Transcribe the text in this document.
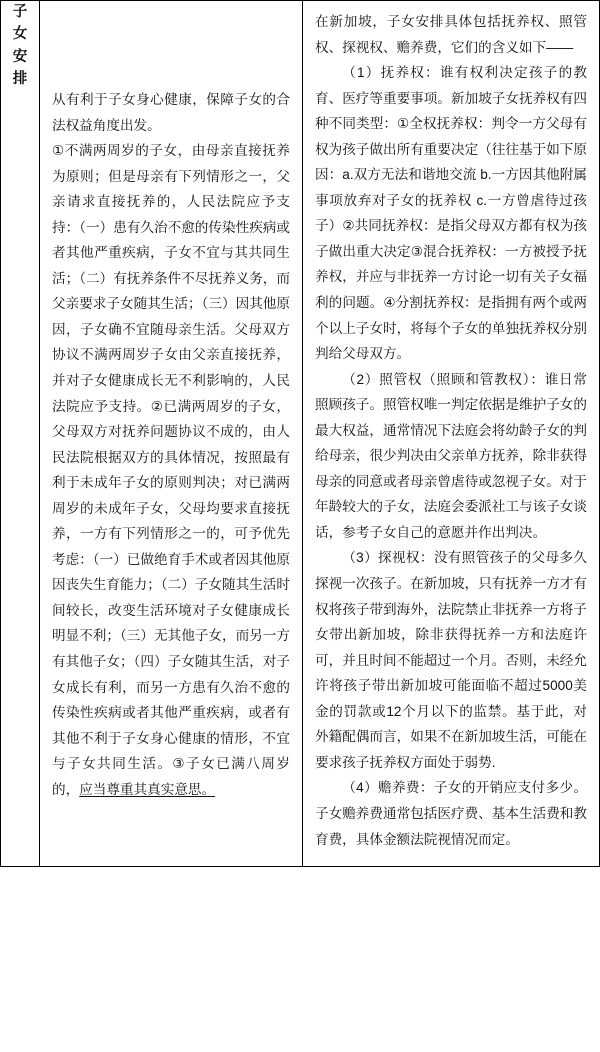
子女安排

从有利于子女身心健康，保障子女的合法权益角度出发。

①不满两周岁的子女，由母亲直接抚养为原则；但是母亲有下列情形之一，父亲请求直接抚养的，人民法院应予支持：（一）患有久治不愈的传染性疾病或者其他严重疾病，子女不宜与其共同生活；（二）有抚养条件不尽抚养义务，而父亲要求子女随其生活；（三）因其他原因，子女确不宜随母亲生活。父母双方协议不满两周岁子女由父亲直接抚养，并对子女健康成长无不利影响的，人民法院应予支持。②已满两周岁的子女，父母双方对抚养问题协议不成的，由人民法院根据双方的具体情况，按照最有利于未成年子女的原则判决；对已满两周岁的未成年子女，父母均要求直接抚养，一方有下列情形之一的，可予优先考虑：（一）已做绝育手术或者因其他原因丧失生育能力；（二）子女随其生活时间较长，改变生活环境对子女健康成长明显不利；（三）无其他子女，而另一方有其他子女；（四）子女随其生活，对子女成长有利，而另一方患有久治不愈的传染性疾病或者其他严重疾病，或者有其他不利于子女身心健康的情形，不宜与子女共同生活。③子女已满八周岁的，应当尊重其真实意思。

在新加坡，子女安排具体包括抚养权、照管权、探视权、赡养费，它们的含义如下——

（1）抚养权：谁有权利决定孩子的教育、医疗等重要事项。新加坡子女抚养权有四种不同类型：①全权抚养权：判令一方父母有权为孩子做出所有重要决定（往往基于如下原因：a.双方无法和谐地交流 b.一方因其他附属事项放弃对子女的抚养权 c.一方曾虐待过孩子）②共同抚养权：是指父母双方都有权为孩子做出重大决定③混合抚养权：一方被授予抚养权，并应与非抚养一方讨论一切有关子女福利的问题。④分割抚养权：是指拥有两个或两个以上子女时，将每个子女的单独抚养权分别判给父母双方。

（2）照管权（照顾和管教权）：谁日常照顾孩子。照管权唯一判定依据是维护子女的最大权益，通常情况下法庭会将幼龄子女的判给母亲，很少判决由父亲单方抚养，除非获得母亲的同意或者母亲曾虐待或忽视子女。对于年龄较大的子女，法庭会委派社工与该子女谈话，参考子女自己的意愿并作出判决。

（3）探视权：没有照管孩子的父母多久探视一次孩子。在新加坡，只有抚养一方才有权将孩子带到海外，法院禁止非抚养一方将子女带出新加坡，除非获得抚养一方和法庭许可，并且时间不能超过一个月。否则，未经允许将孩子带出新加坡可能面临不超过5000美金的罚款或12个月以下的监禁。基于此，对外籍配偶而言，如果不在新加坡生活，可能在要求孩子抚养权方面处于弱势.

（4）赡养费：子女的开销应支付多少。子女赡养费通常包括医疗费、基本生活费和教育费，具体金额法院视情况而定。
